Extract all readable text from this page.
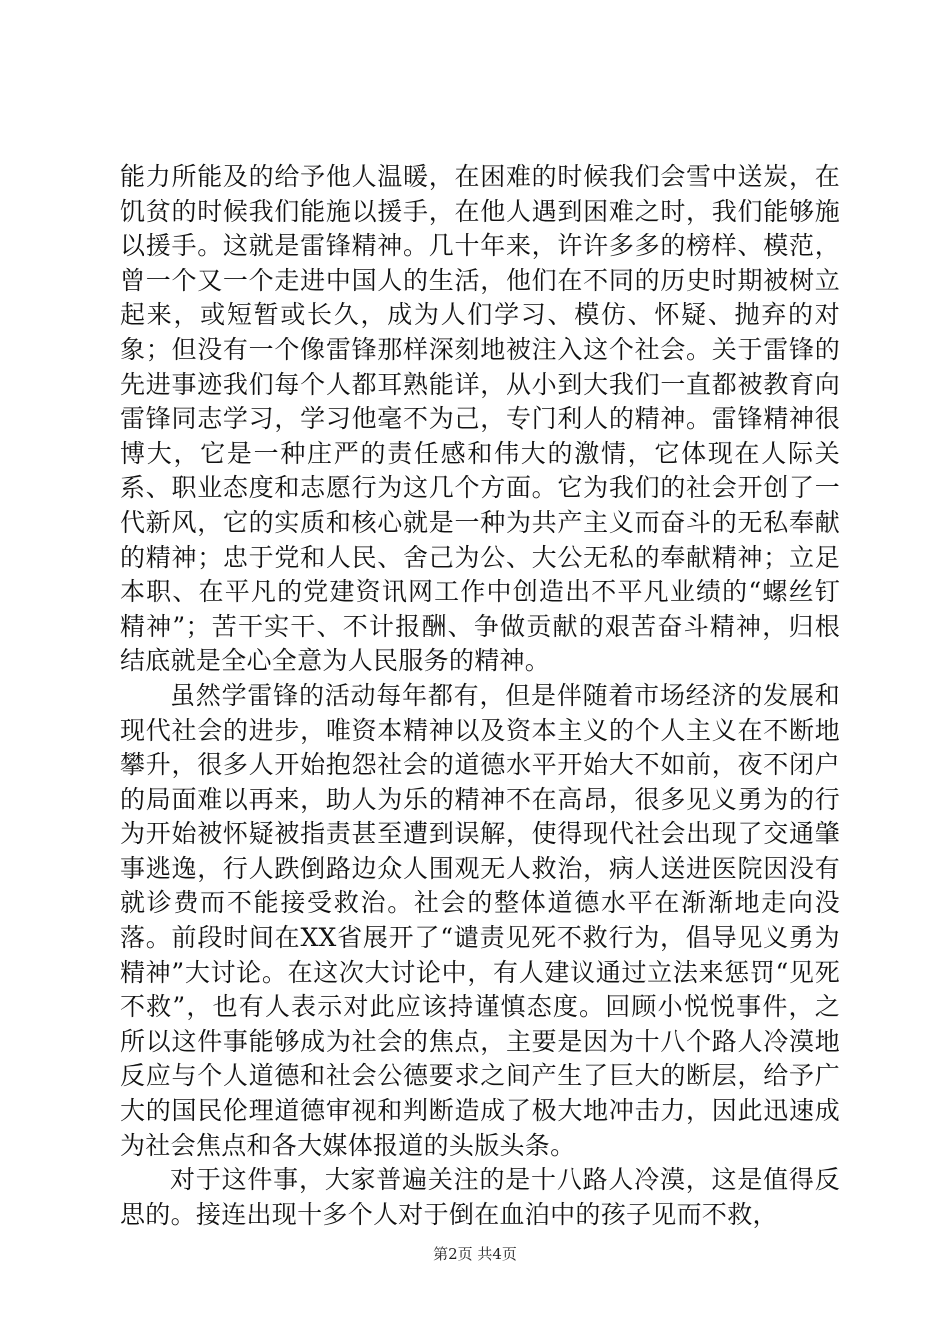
能力所能及的给予他人温暖，在困难的时候我们会雪中送炭，在饥贫的时候我们能施以援手，在他人遇到困难之时，我们能够施以援手。这就是雷锋精神。几十年来，许许多多的榜样、模范，曾一个又一个走进中国人的生活，他们在不同的历史时期被树立起来，或短暂或长久，成为人们学习、模仿、怀疑、抛弃的对象；但没有一个像雷锋那样深刻地被注入这个社会。关于雷锋的先进事迹我们每个人都耳熟能详，从小到大我们一直都被教育向雷锋同志学习，学习他毫不为己，专门利人的精神。雷锋精神很博大，它是一种庄严的责任感和伟大的激情，它体现在人际关系、职业态度和志愿行为这几个方面。它为我们的社会开创了一代新风，它的实质和核心就是一种为共产主义而奋斗的无私奉献的精神；忠于党和人民、舍己为公、大公无私的奉献精神；立足本职、在平凡的党建资讯网工作中创造出不平凡业绩的“螺丝钉精神”；苦干实干、不计报酬、争做贡献的艰苦奋斗精神，归根结底就是全心全意为人民服务的精神。

虽然学雷锋的活动每年都有，但是伴随着市场经济的发展和现代社会的进步，唯资本精神以及资本主义的个人主义在不断地攀升，很多人开始抱怨社会的道德水平开始大不如前，夜不闭户的局面难以再来，助人为乐的精神不在高昂，很多见义勇为的行为开始被怀疑被指责甚至遭到误解，使得现代社会出现了交通肇事逃逸，行人跌倒路边众人围观无人救治，病人送进医院因没有就诊费而不能接受救治。社会的整体道德水平在渐渐地走向没落。前段时间在XX省展开了“谴责见死不救行为，倡导见义勇为精神”大讨论。在这次大讨论中，有人建议通过立法来惩罚“见死不救”，也有人表示对此应该持谨慎态度。回顾小悦悦事件，之所以这件事能够成为社会的焦点，主要是因为十八个路人冷漠地反应与个人道德和社会公德要求之间产生了巨大的断层，给予广大的国民伦理道德审视和判断造成了极大地冲击力，因此迅速成为社会焦点和各大媒体报道的头版头条。

对于这件事，大家普遍关注的是十八路人冷漠，这是值得反思的。接连出现十多个人对于倒在血泊中的孩子见而不救，

第2页 共4页
